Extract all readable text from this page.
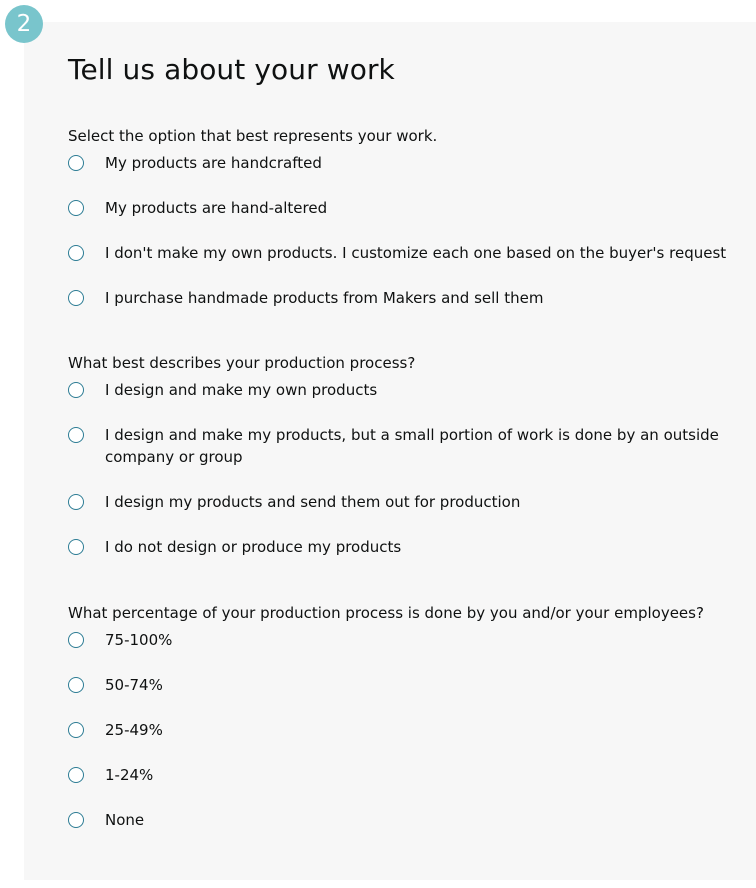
2
Tell us about your work

Select the option that best represents your work.

My products are handcrafted
My products are hand-altered
I don't make my own products. I customize each one based on the buyer's request
I purchase handmade products from Makers and sell them

What best describes your production process?

I design and make my own products
I design and make my products, but a small portion of work is done by an outside company or group
I design my products and send them out for production
I do not design or produce my products

What percentage of your production process is done by you and/or your employees?

75-100%
50-74%
25-49%
1-24%
None
